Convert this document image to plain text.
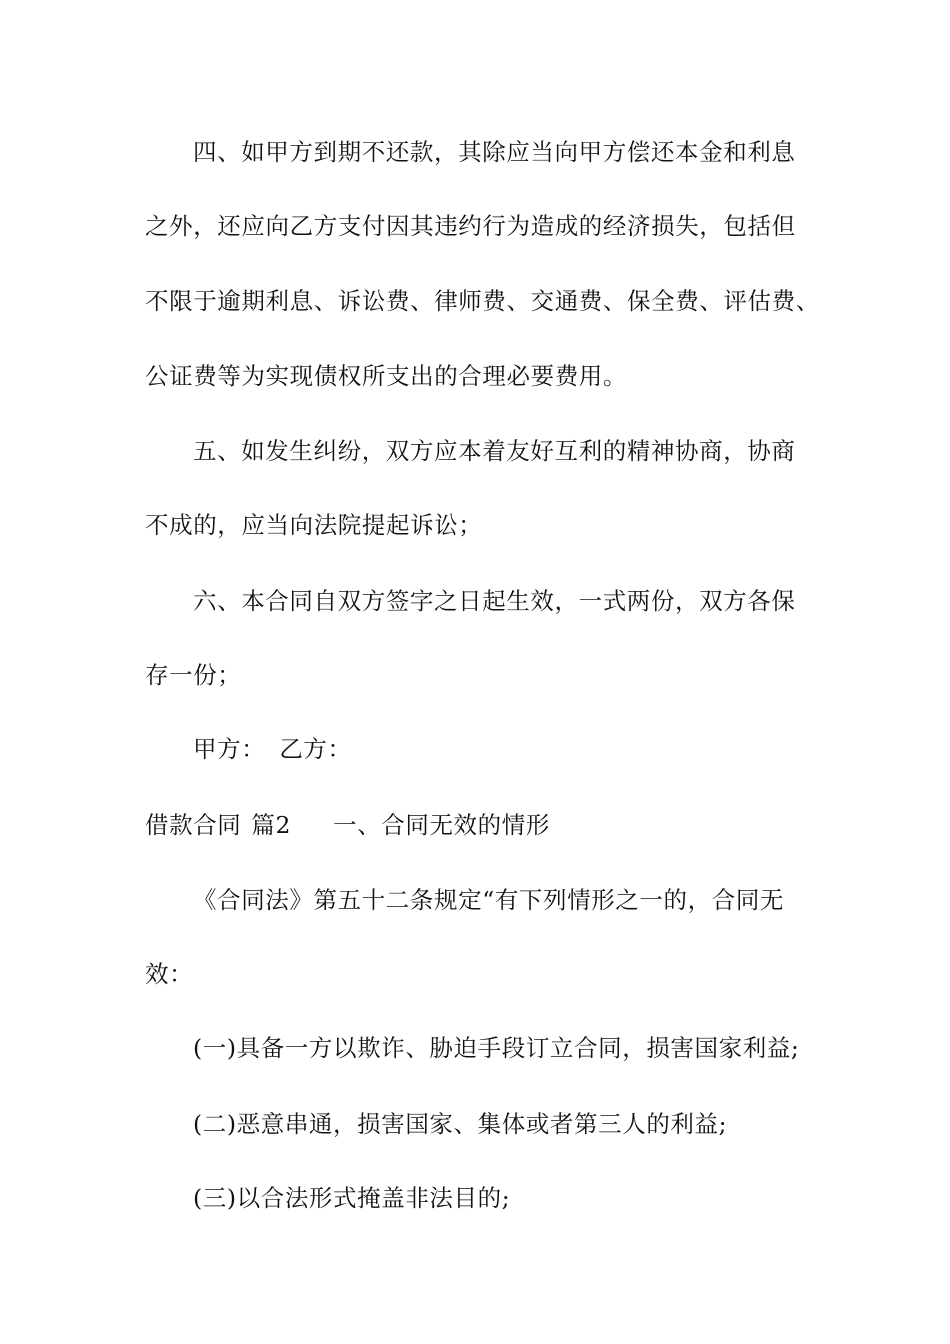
四、如甲方到期不还款，其除应当向甲方偿还本金和利息
之外，还应向乙方支付因其违约行为造成的经济损失，包括但
不限于逾期利息、诉讼费、律师费、交通费、保全费、评估费、
公证费等为实现债权所支出的合理必要费用。
五、如发生纠纷，双方应本着友好互利的精神协商，协商
不成的，应当向法院提起诉讼；
六、本合同自双方签字之日起生效，一式两份，双方各保
存一份；
甲方： 乙方：
借款合同 篇2 一、合同无效的情形
《合同法》第五十二条规定“有下列情形之一的，合同无
效：
(一)具备一方以欺诈、胁迫手段订立合同，损害国家利益;
(二)恶意串通，损害国家、集体或者第三人的利益;
(三)以合法形式掩盖非法目的;
